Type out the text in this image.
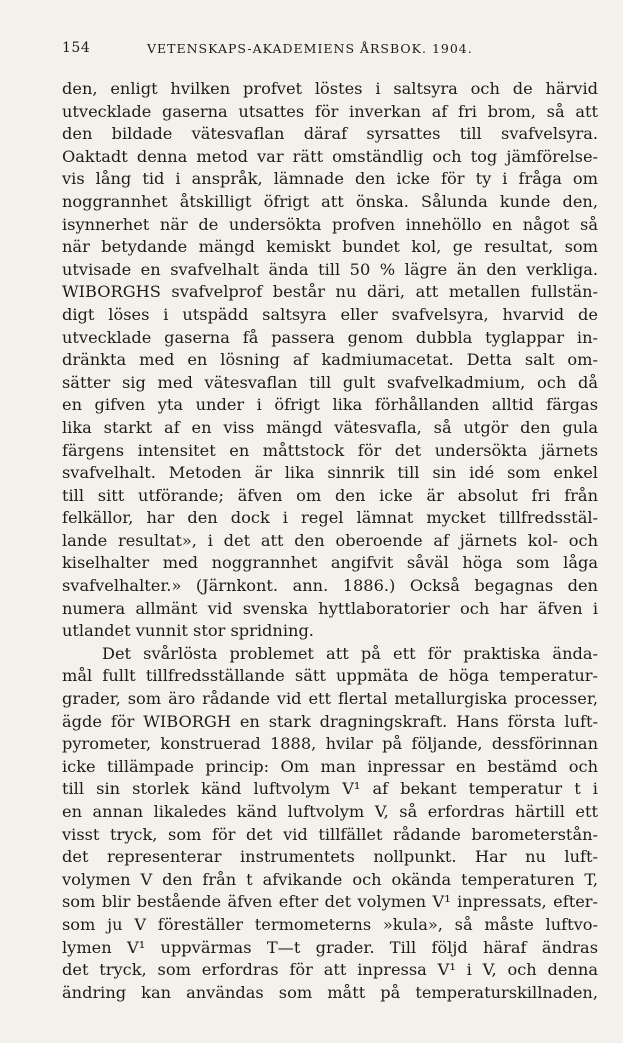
154	VETENSKAPS-AKADEMIENS ÅRSBOK. 1904.
den, enligt hvilken profvet löstes i saltsyra och de härvid
utvecklade gaserna utsattes för inverkan af fri brom, så att
den bildade vätesvaflan däraf syrsattes till svafvelsyra.
Oaktadt denna metod var rätt omständlig och tog jämförelse-
vis lång tid i anspråk, lämnade den icke för ty i fråga om
noggrannhet åtskilligt öfrigt att önska. Sålunda kunde den,
isynnerhet när de undersökta profven innehöllo en något så
när betydande mängd kemiskt bundet kol, ge resultat, som
utvisade en svafvelhalt ända till 50 % lägre än den verkliga.
WIBORGHS svafvelprof består nu däri, att metallen fullstän-
digt löses i utspädd saltsyra eller svafvelsyra, hvarvid de
utvecklade gaserna få passera genom dubbla tyglappar in-
dränkta med en lösning af kadmiumacetat. Detta salt om-
sätter sig med vätesvaflan till gult svafvelkadmium, och då
en gifven yta under i öfrigt lika förhållanden alltid färgas
lika starkt af en viss mängd vätesvafla, så utgör den gula
färgens intensitet en måttstock för det undersökta järnets
svafvelhalt. Metoden är lika sinnrik till sin idé som enkel
till sitt utförande; äfven om den icke är absolut fri från
felkällor, har den dock i regel lämnat mycket tillfredsstäl-
lande resultat», i det att den oberoende af järnets kol- och
kiselhalter med noggrannhet angifvit såväl höga som låga
svafvelhalter.» (Järnkont. ann. 1886.) Också begagnas den
numera allmänt vid svenska hyttlaboratorier och har äfven i
utlandet vunnit stor spridning.
Det svårlösta problemet att på ett för praktiska ända-
mål fullt tillfredsställande sätt uppmäta de höga temperatur-
grader, som äro rådande vid ett flertal metallurgiska processer,
ägde för WIBORGH en stark dragningskraft. Hans första luft-
pyrometer, konstruerad 1888, hvilar på följande, dessförinnan
icke tillämpade princip: Om man inpressar en bestämd och
till sin storlek känd luftvolym V¹ af bekant temperatur t i
en annan likaledes känd luftvolym V, så erfordras härtill ett
visst tryck, som för det vid tillfället rådande barometerstån-
det representerar instrumentets nollpunkt. Har nu luft-
volymen V den från t afvikande och okända temperaturen T,
som blir bestående äfven efter det volymen V¹ inpressats, efter-
som ju V föreställer termometerns »kula», så måste luftvo-
lymen V¹ uppvärmas T—t grader. Till följd häraf ändras
det tryck, som erfordras för att inpressa V¹ i V, och denna
ändring kan användas som mått på temperaturskillnaden,
